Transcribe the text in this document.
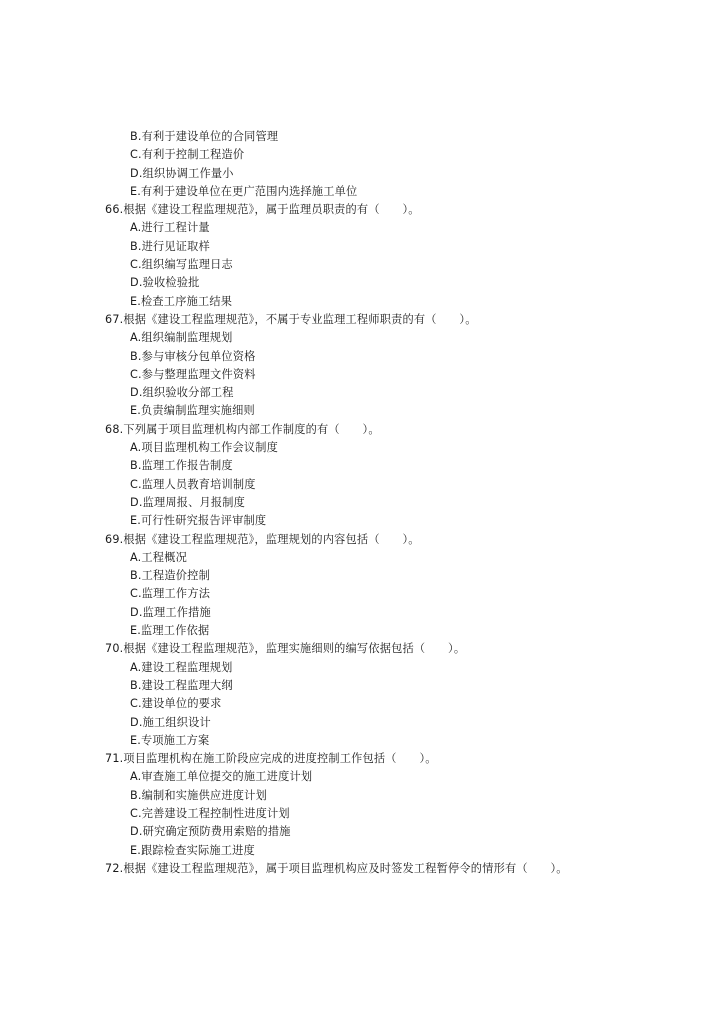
B.有利于建设单位的合同管理
C.有利于控制工程造价
D.组织协调工作量小
E.有利于建设单位在更广范围内选择施工单位
66.根据《建设工程监理规范》，属于监理员职责的有（　　）。
A.进行工程计量
B.进行见证取样
C.组织编写监理日志
D.验收检验批
E.检查工序施工结果
67.根据《建设工程监理规范》，不属于专业监理工程师职责的有（　　）。
A.组织编制监理规划
B.参与审核分包单位资格
C.参与整理监理文件资料
D.组织验收分部工程
E.负责编制监理实施细则
68.下列属于项目监理机构内部工作制度的有（　　）。
A.项目监理机构工作会议制度
B.监理工作报告制度
C.监理人员教育培训制度
D.监理周报、月报制度
E.可行性研究报告评审制度
69.根据《建设工程监理规范》，监理规划的内容包括（　　）。
A.工程概况
B.工程造价控制
C.监理工作方法
D.监理工作措施
E.监理工作依据
70.根据《建设工程监理规范》，监理实施细则的编写依据包括（　　）。
A.建设工程监理规划
B.建设工程监理大纲
C.建设单位的要求
D.施工组织设计
E.专项施工方案
71.项目监理机构在施工阶段应完成的进度控制工作包括（　　）。
A.审查施工单位提交的施工进度计划
B.编制和实施供应进度计划
C.完善建设工程控制性进度计划
D.研究确定预防费用索赔的措施
E.跟踪检查实际施工进度
72.根据《建设工程监理规范》，属于项目监理机构应及时签发工程暂停令的情形有（　　）。
